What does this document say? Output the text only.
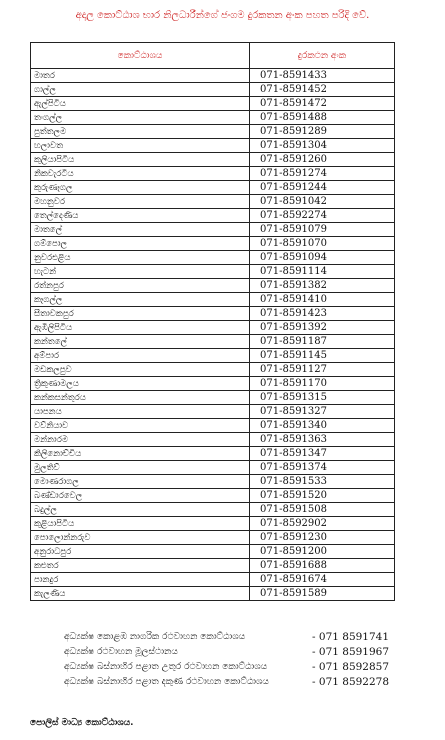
අදාල කොට්ඨාශ භාර නිලධාරීන්ගේ ජංගම දුරකතන අංක පහත පරිදි වේ.
කොට්ඨාශය	දුරකථන අංක
මාතර	071-8591433
ගාල්ල	071-8591452
ඇල්පිටිය	071-8591472
තංගල්ල	071-8591488
පුත්තලම	071-8591289
හලාවත	071-8591304
කුලියාපිටිය	071-8591260
නිකවැරටිය	071-8591274
කුරුණෑගල	071-8591244
මහනුවර	071-8591042
තෙල්දෙණිය	071-8592274
මාතලේ	071-8591079
ගම්පොල	071-8591070
නුවරඑළිය	071-8591094
හැටන්	071-8591114
රත්නපුර	071-8591382
කෑගල්ල	071-8591410
සීතාවකපුර	071-8591423
ඇඹිලිපිටිය	071-8591392
කන්තලේ	071-8591187
අම්පාර	071-8591145
මඩකලපුව	071-8591127
ත්‍රිකුණාමලය	071-8591170
කන්කසන්තුරය	071-8591315
යාපනය	071-8591327
වව්නියාව	071-8591340
මන්නාරම	071-8591363
කිලිනොච්චිය	071-8591347
මුලතිව්	071-8591374
මොණරාගල	071-8591533
බණ්ඩාරවෙල	071-8591520
බදුල්ල	071-8591508
කුළියාපිටිය	071-8592902
පොලොන්නරුව	071-8591230
අනුරාධපුර	071-8591200
කළුතර	071-8591688
පානදුර	071-8591674
කැලණිය	071-8591589
අධ්‍යක්ෂ කොළඹ නාගරික රථවාහන කොට්ඨාශය	- 071 8591741
අධ්‍යක්ෂ රථවාහන මූලස්ථානය	- 071 8591967
අධ්‍යක්ෂ බස්නාහිර පළාත උතුර රථවාහන කොට්ඨාශය	- 071 8592857
අධ්‍යක්ෂ බස්නාහිර පළාත දකුණ රථවාහන කොට්ඨාශය	- 071 8592278
පොලිස් මාධ්‍ය කොට්ඨාශය.
